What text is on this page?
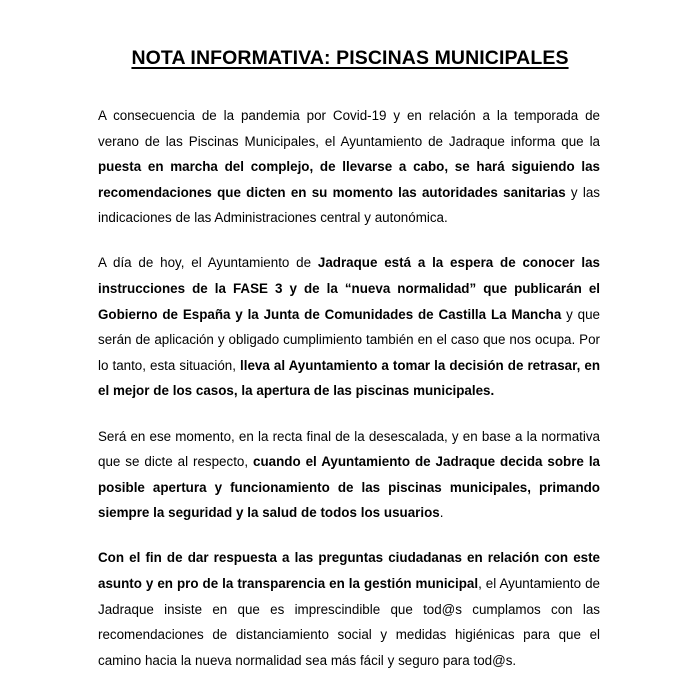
NOTA INFORMATIVA: PISCINAS MUNICIPALES

A consecuencia de la pandemia por Covid-19 y en relación a la temporada de verano de las Piscinas Municipales, el Ayuntamiento de Jadraque informa que la puesta en marcha del complejo, de llevarse a cabo, se hará siguiendo las recomendaciones que dicten en su momento las autoridades sanitarias y las indicaciones de las Administraciones central y autonómica.

A día de hoy, el Ayuntamiento de Jadraque está a la espera de conocer las instrucciones de la FASE 3 y de la “nueva normalidad” que publicarán el Gobierno de España y la Junta de Comunidades de Castilla La Mancha y que serán de aplicación y obligado cumplimiento también en el caso que nos ocupa. Por lo tanto, esta situación, lleva al Ayuntamiento a tomar la decisión de retrasar, en el mejor de los casos, la apertura de las piscinas municipales.

Será en ese momento, en la recta final de la desescalada, y en base a la normativa que se dicte al respecto, cuando el Ayuntamiento de Jadraque decida sobre la posible apertura y funcionamiento de las piscinas municipales, primando siempre la seguridad y la salud de todos los usuarios.

Con el fin de dar respuesta a las preguntas ciudadanas en relación con este asunto y en pro de la transparencia en la gestión municipal, el Ayuntamiento de Jadraque insiste en que es imprescindible que tod@s cumplamos con las recomendaciones de distanciamiento social y medidas higiénicas para que el camino hacia la nueva normalidad sea más fácil y seguro para tod@s.
